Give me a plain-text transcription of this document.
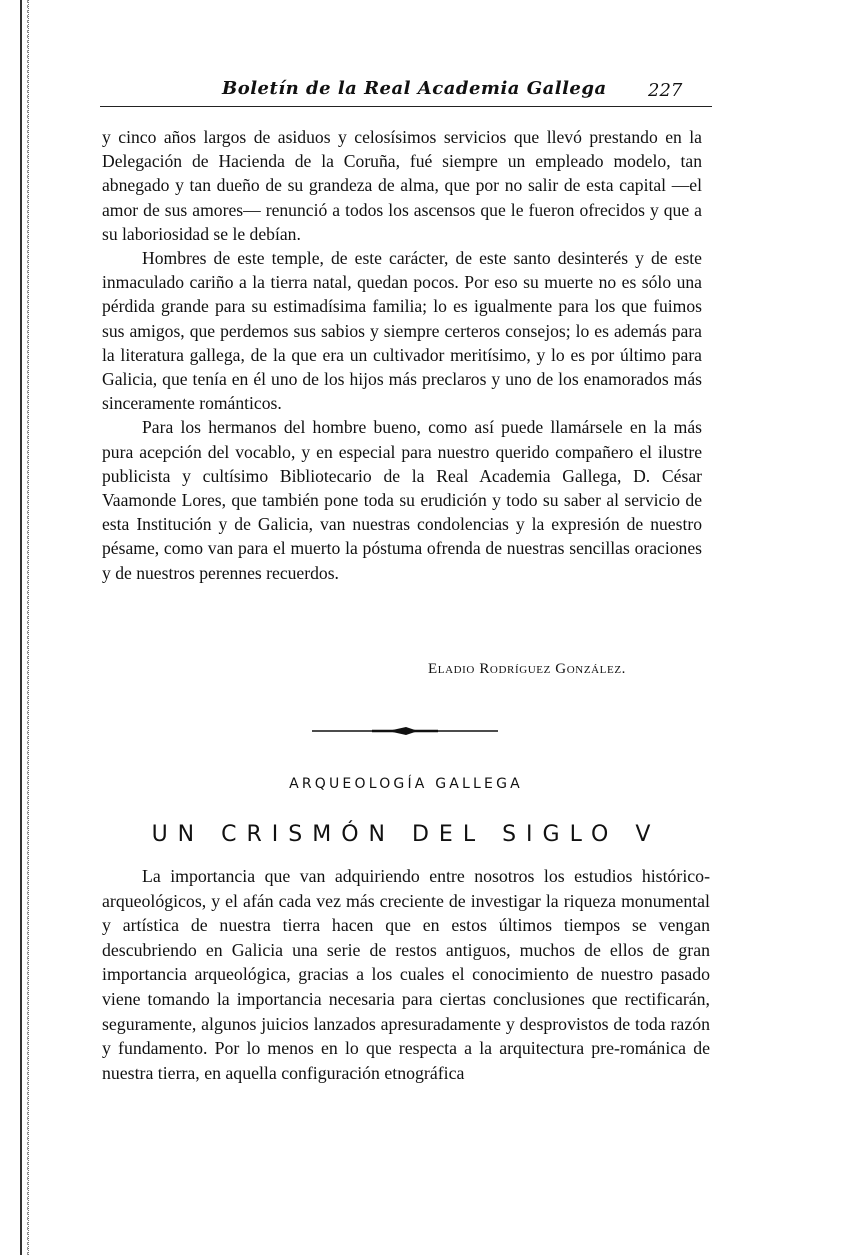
Boletín de la Real Academia Gallega 227

y cinco años largos de asiduos y celosísimos servicios que llevó prestando en la Delegación de Hacienda de la Coruña, fué siempre un empleado modelo, tan abnegado y tan dueño de su grandeza de alma, que por no salir de esta capital —el amor de sus amores— renunció a todos los ascensos que le fueron ofrecidos y que a su laboriosidad se le debían.

Hombres de este temple, de este carácter, de este santo desinterés y de este inmaculado cariño a la tierra natal, quedan pocos. Por eso su muerte no es sólo una pérdida grande para su estimadísima familia; lo es igualmente para los que fuimos sus amigos, que perdemos sus sabios y siempre certeros consejos; lo es además para la literatura gallega, de la que era un cultivador meritísimo, y lo es por último para Galicia, que tenía en él uno de los hijos más preclaros y uno de los enamorados más sinceramente románticos.

Para los hermanos del hombre bueno, como así puede llamársele en la más pura acepción del vocablo, y en especial para nuestro querido compañero el ilustre publicista y cultísimo Bibliotecario de la Real Academia Gallega, D. César Vaamonde Lores, que también pone toda su erudición y todo su saber al servicio de esta Institución y de Galicia, van nuestras condolencias y la expresión de nuestro pésame, como van para el muerto la póstuma ofrenda de nuestras sencillas oraciones y de nuestros perennes recuerdos.

Eladio Rodríguez González.
ARQUEOLOGÍA GALLEGA
UN CRISMÓN DEL SIGLO V

La importancia que van adquiriendo entre nosotros los estudios histórico-arqueológicos, y el afán cada vez más creciente de investigar la riqueza monumental y artística de nuestra tierra hacen que en estos últimos tiempos se vengan descubriendo en Galicia una serie de restos antiguos, muchos de ellos de gran importancia arqueológica, gracias a los cuales el conocimiento de nuestro pasado viene tomando la importancia necesaria para ciertas conclusiones que rectificarán, seguramente, algunos juicios lanzados apresuradamente y desprovistos de toda razón y fundamento. Por lo menos en lo que respecta a la arquitectura pre-románica de nuestra tierra, en aquella configuración etnográfica
